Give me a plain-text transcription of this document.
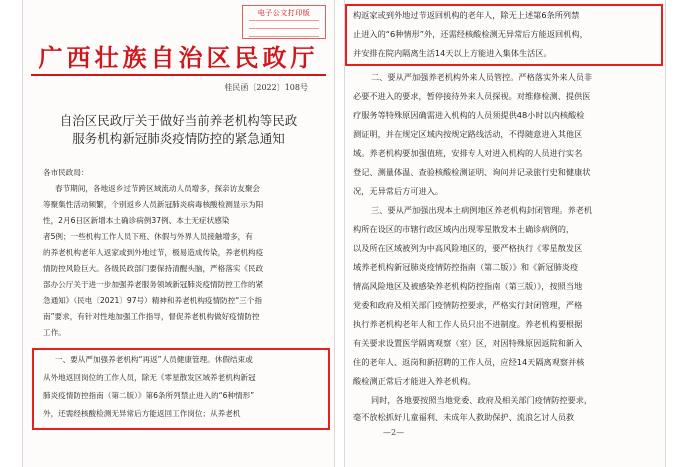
电子公文打印版
广西壮族自治区民政厅
桂民函〔2022〕108号
自治区民政厅关于做好当前养老机构等民政
服务机构新冠肺炎疫情防控的紧急通知
各市民政局：
春节期间，各地返乡过节跨区域流动人员增多，探亲访友聚会
等聚集性活动频繁，个别返乡人员新冠肺炎病毒核酸检测显示为阳
性，2月6日区新增本土确诊病例37例、本土无症状感染
者5例；一些机构工作人员下班、休假与外界人员接触增多，有
的养老机构老年人返家或到外地过节，极易造成传染，养老机构疫
情防控风险巨大。各级民政部门要保持清醒头脑，严格落实《民政
部办公厅关于进一步加强养老服务领域新冠肺炎疫情防控工作的紧
急通知》（民电〔2021〕97号）精神和养老机构疫情防控“三个指
南”要求，有针对性地加强工作指导，督促养老机构做好疫情防控
工作。
一、要从严加强养老机构“再返”人员健康管理。休假结束或
从外地返回岗位的工作人员，除无《零星散发区域养老机构新冠
肺炎疫情防控指南（第二版）》第6条所列禁止进入的“6种情形”
外，还需经核酸检测无异常后方能返回工作岗位；从养老机
构返家或到外地过节返回机构的老年人，除无上述第6条所列禁
止进入的“6种情形”外，还需经核酸检测无异常后方能返回机构，
并安排在院内隔离生活14天以上方能进入集体生活区。
二、要从严加强养老机构外来人员管控。严格落实外来人员非
必要不进入的要求，暂停接待外来人员探视。对维修检测、提供医
疗服务等特殊原因确需进入机构的人员须提供48小时以内核酸检
测证明，并在规定区域内按规定路线活动，不得随意进入其他区
域。养老机构要加强值班，安排专人对进入机构的人员进行实名
登记、测量体温、查验核酸检测证明、询问并记录旅行史和健康状
况，无异常后方可进入。
三、要从严加强出现本土病例地区养老机构封闭管理。养老机
构所在设区的市辖行政区域内出现零星散发本土确诊病例的，
以及所在区域被列为中高风险地区的，要严格执行《零星散发区
域养老机构新冠肺炎疫情防控指南（第二版）》和《新冠肺炎疫
情高风险地区及被感染养老机构防控指南（第三版）》，按照当地
党委和政府及相关部门疫情防控要求，严格实行封闭管理，严格
执行养老机构老年人和工作人员只出不进制度。养老机构要根据
有关要求设置医学隔离观察（室）区，对因特殊原因返院和新入
住的老年人、返岗和新招聘的工作人员，应经14天隔离观察并核
酸检测正常后才能进入养老机构。
同时，各地要按照当地党委、政府及相关部门疫情防控要求，
毫不放松抓好儿童福利、未成年人救助保护、流浪乞讨人员救
—2—
